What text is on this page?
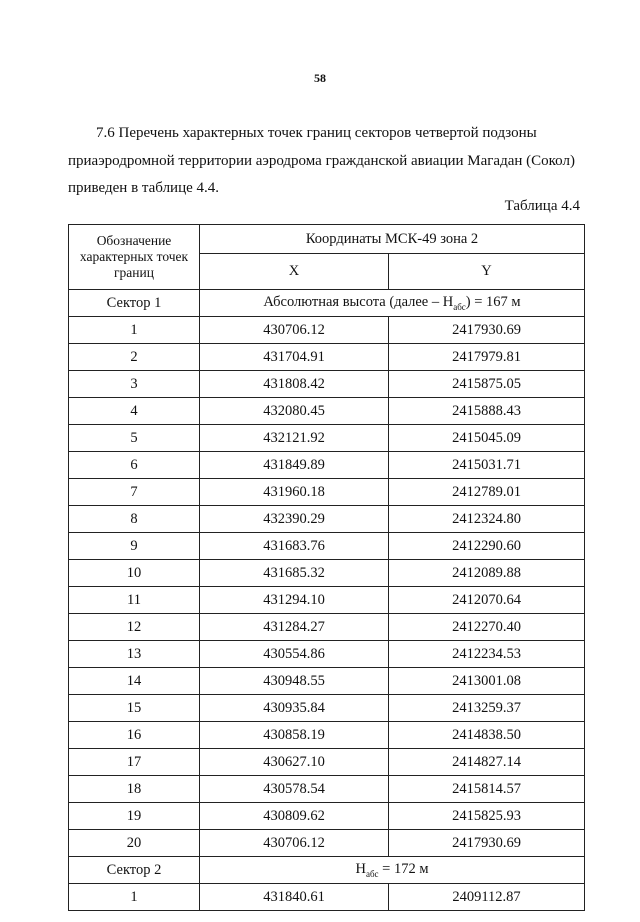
58
7.6 Перечень характерных точек границ секторов четвертой подзоны
приаэродромной территории аэродрома гражданской авиации Магадан (Сокол)
приведен в таблице 4.4.
Таблица 4.4
Обозначение характерных точек границ	Координаты МСК-49 зона 2	
	X	Y
Сектор 1	Абсолютная высота (далее – $H_{абс}) = 167$ м	
1	430706.12	2417930.69
2	431704.91	2417979.81
3	431808.42	2415875.05
4	432080.45	2415888.43
5	432121.92	2415045.09
6	431849.89	2415031.71
7	431960.18	2412789.01
8	432390.29	2412324.80
9	431683.76	2412290.60
10	431685.32	2412089.88
11	431294.10	2412070.64
12	431284.27	2412270.40
13	430554.86	2412234.53
14	430948.55	2413001.08
15	430935.84	2413259.37
16	430858.19	2414838.50
17	430627.10	2414827.14
18	430578.54	2415814.57
19	430809.62	2415825.93
20	430706.12	2417930.69
Сектор 2	$H_{абс} = 172$ м	
1	431840.61	2409112.87
